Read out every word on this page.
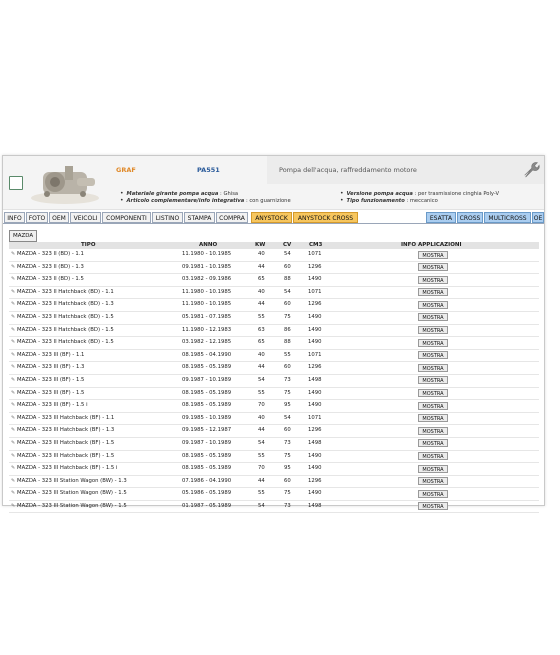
GRAF	PA551	Pompa dell'acqua, raffreddamento motore
• Materiale girante pompa acqua : Ghisa
• Articolo complementare/info integrativa : con guarnizione
• Versione pompa acqua : per trasmissione cinghia Poly-V
• Tipo funzionamento : meccanico
INFO	FOTO	OEM	VEICOLI	COMPONENTI	LISTINO	STAMPA	COMPRA	ANYSTOCK	ANYSTOCK CROSS	ESATTA	CROSS	MULTICROSS	OE
MAZDA
TIPO	ANNO	KW	CV	CM3	INFO APPLICAZIONI
✎ MAZDA - 323 II (BD) - 1.1	11.1980 - 10.1985	40	54	1071	MOSTRA
✎ MAZDA - 323 II (BD) - 1.3	09.1981 - 10.1985	44	60	1296	MOSTRA
✎ MAZDA - 323 II (BD) - 1.5	03.1982 - 09.1986	65	88	1490	MOSTRA
✎ MAZDA - 323 II Hatchback (BD) - 1.1	11.1980 - 10.1985	40	54	1071	MOSTRA
✎ MAZDA - 323 II Hatchback (BD) - 1.3	11.1980 - 10.1985	44	60	1296	MOSTRA
✎ MAZDA - 323 II Hatchback (BD) - 1.5	05.1981 - 07.1985	55	75	1490	MOSTRA
✎ MAZDA - 323 II Hatchback (BD) - 1.5	11.1980 - 12.1983	63	86	1490	MOSTRA
✎ MAZDA - 323 II Hatchback (BD) - 1.5	03.1982 - 12.1985	65	88	1490	MOSTRA
✎ MAZDA - 323 III (BF) - 1.1	08.1985 - 04.1990	40	55	1071	MOSTRA
✎ MAZDA - 323 III (BF) - 1.3	08.1985 - 05.1989	44	60	1296	MOSTRA
✎ MAZDA - 323 III (BF) - 1.5	09.1987 - 10.1989	54	73	1498	MOSTRA
✎ MAZDA - 323 III (BF) - 1.5	08.1985 - 05.1989	55	75	1490	MOSTRA
✎ MAZDA - 323 III (BF) - 1.5 i	08.1985 - 05.1989	70	95	1490	MOSTRA
✎ MAZDA - 323 III Hatchback (BF) - 1.1	09.1985 - 10.1989	40	54	1071	MOSTRA
✎ MAZDA - 323 III Hatchback (BF) - 1.3	09.1985 - 12.1987	44	60	1296	MOSTRA
✎ MAZDA - 323 III Hatchback (BF) - 1.5	09.1987 - 10.1989	54	73	1498	MOSTRA
✎ MAZDA - 323 III Hatchback (BF) - 1.5	08.1985 - 05.1989	55	75	1490	MOSTRA
✎ MAZDA - 323 III Hatchback (BF) - 1.5 i	08.1985 - 05.1989	70	95	1490	MOSTRA
✎ MAZDA - 323 III Station Wagon (BW) - 1.3	07.1986 - 04.1990	44	60	1296	MOSTRA
✎ MAZDA - 323 III Station Wagon (BW) - 1.5	05.1986 - 05.1989	55	75	1490	MOSTRA
✎ MAZDA - 323 III Station Wagon (BW) - 1.5	01.1987 - 05.1989	54	73	1498	MOSTRA
